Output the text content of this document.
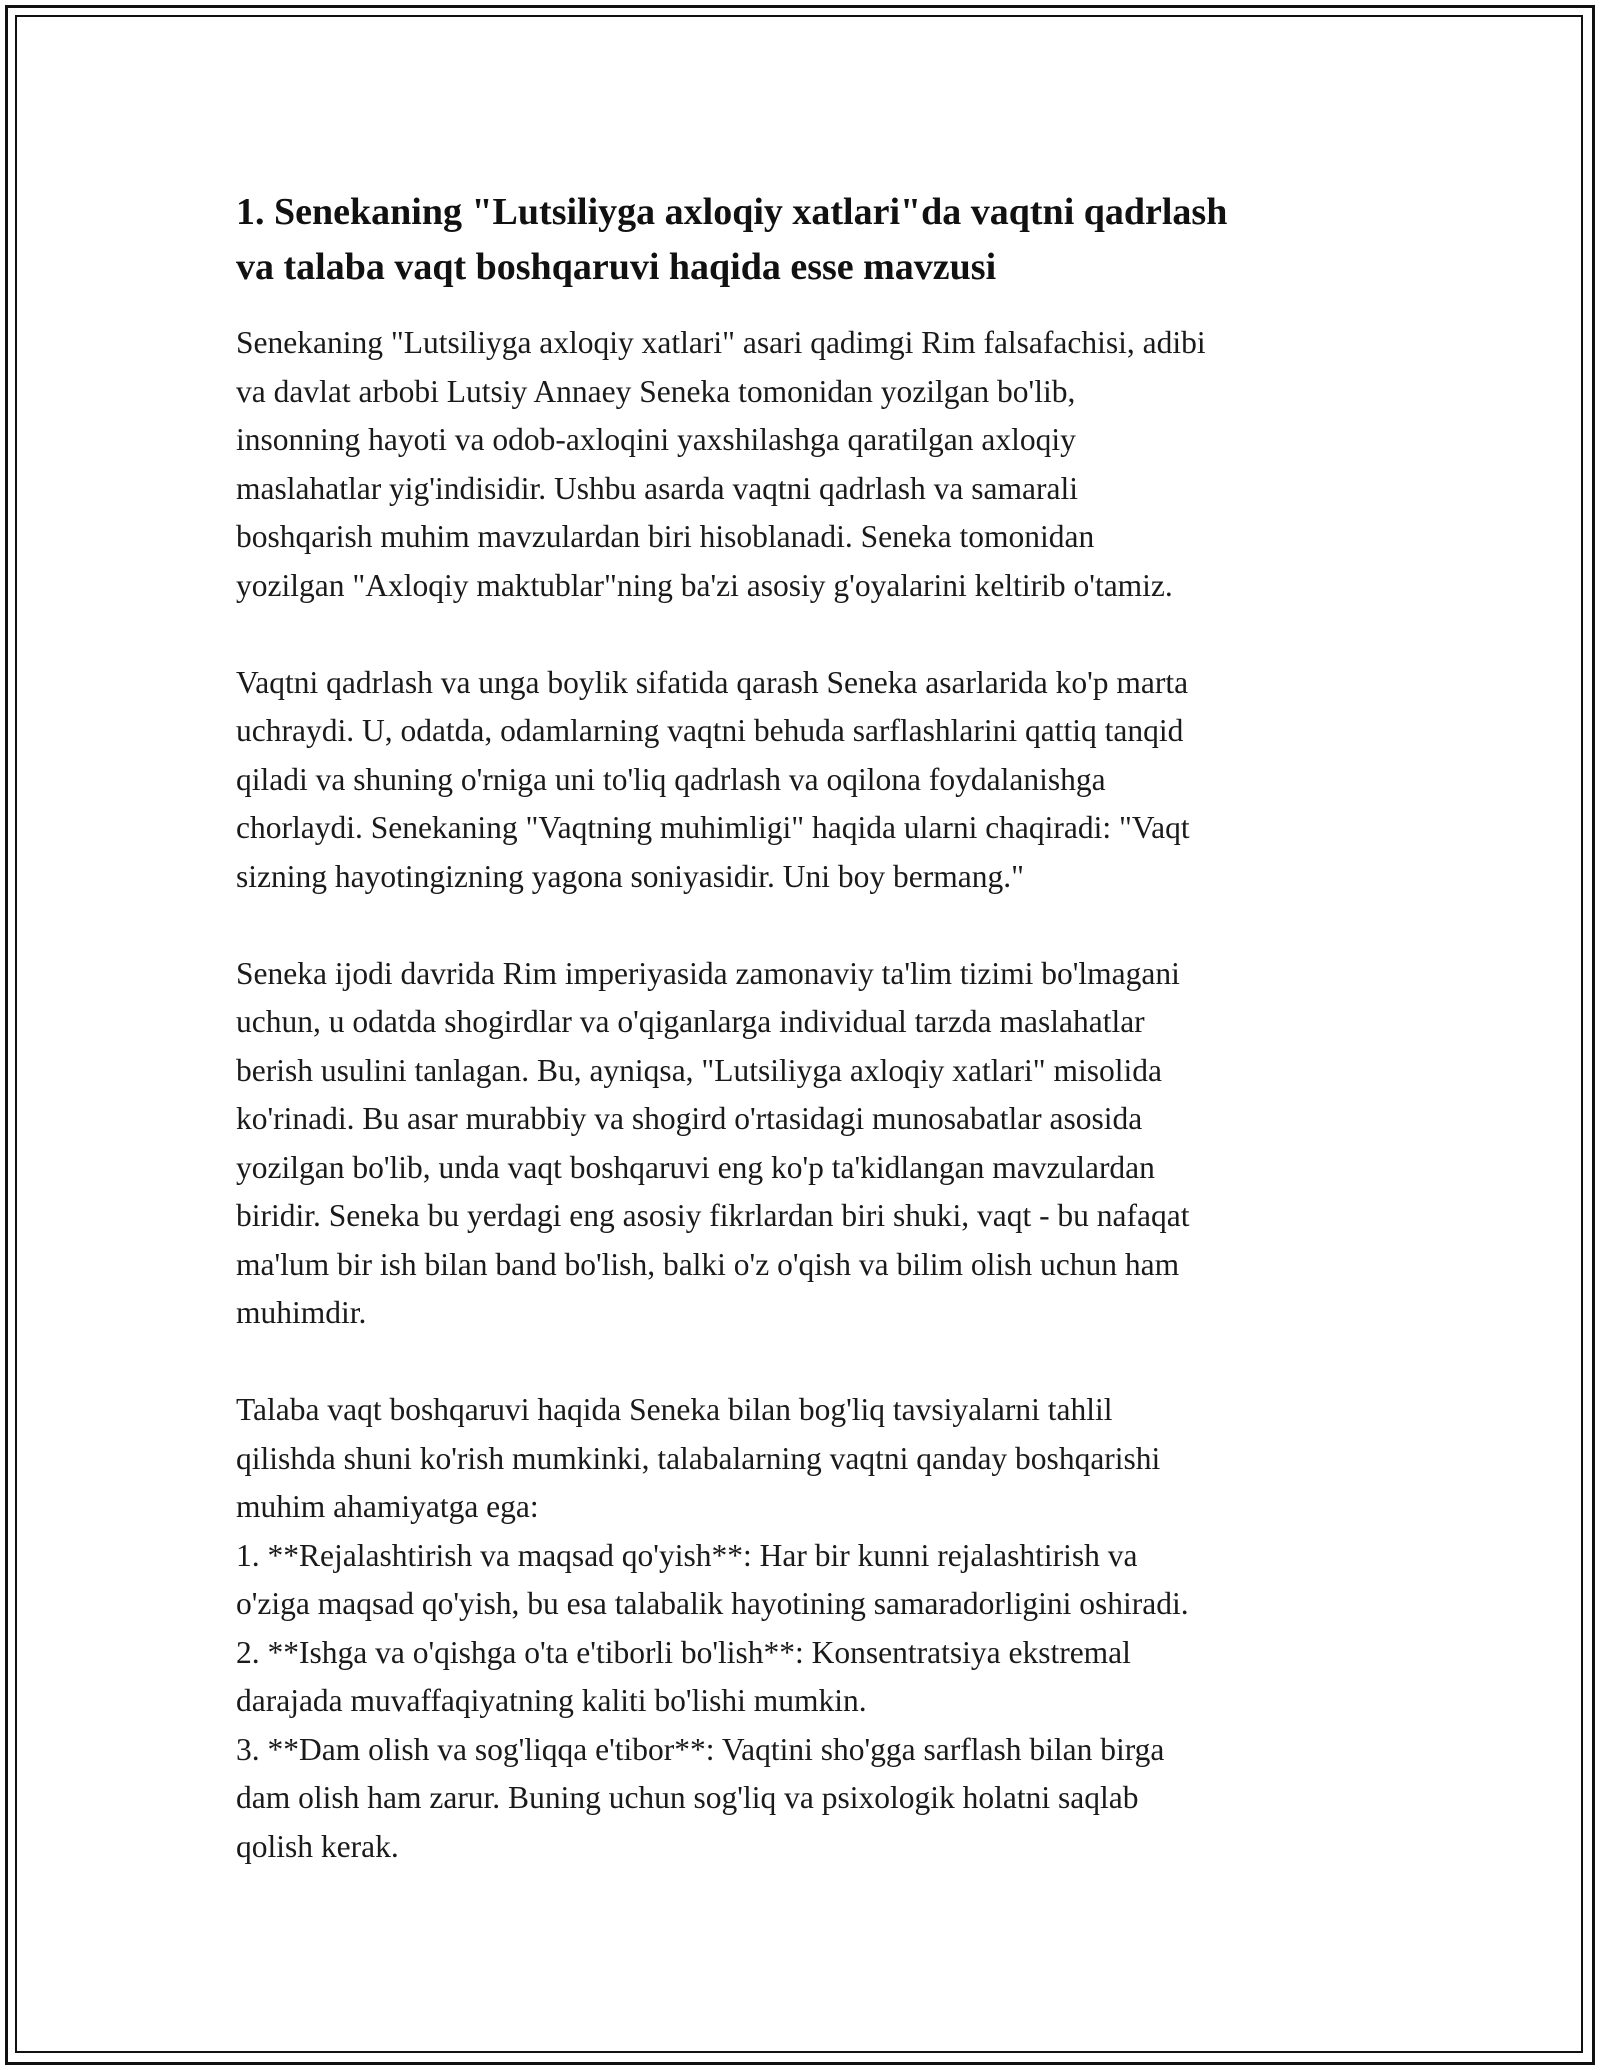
1. Senekaning "Lutsiliyga axloqiy xatlari"da vaqtni qadrlash
va talaba vaqt boshqaruvi haqida esse mavzusi

Senekaning "Lutsiliyga axloqiy xatlari" asari qadimgi Rim falsafachisi, adibi
va davlat arbobi Lutsiy Annaey Seneka tomonidan yozilgan bo'lib,
insonning hayoti va odob-axloqini yaxshilashga qaratilgan axloqiy
maslahatlar yig'indisidir. Ushbu asarda vaqtni qadrlash va samarali
boshqarish muhim mavzulardan biri hisoblanadi. Seneka tomonidan
yozilgan "Axloqiy maktublar"ning ba'zi asosiy g'oyalarini keltirib o'tamiz.

Vaqtni qadrlash va unga boylik sifatida qarash Seneka asarlarida ko'p marta
uchraydi. U, odatda, odamlarning vaqtni behuda sarflashlarini qattiq tanqid
qiladi va shuning o'rniga uni to'liq qadrlash va oqilona foydalanishga
chorlaydi. Senekaning "Vaqtning muhimligi" haqida ularni chaqiradi: "Vaqt
sizning hayotingizning yagona soniyasidir. Uni boy bermang."

Seneka ijodi davrida Rim imperiyasida zamonaviy ta'lim tizimi bo'lmagani
uchun, u odatda shogirdlar va o'qiganlarga individual tarzda maslahatlar
berish usulini tanlagan. Bu, ayniqsa, "Lutsiliyga axloqiy xatlari" misolida
ko'rinadi. Bu asar murabbiy va shogird o'rtasidagi munosabatlar asosida
yozilgan bo'lib, unda vaqt boshqaruvi eng ko'p ta'kidlangan mavzulardan
biridir. Seneka bu yerdagi eng asosiy fikrlardan biri shuki, vaqt - bu nafaqat
ma'lum bir ish bilan band bo'lish, balki o'z o'qish va bilim olish uchun ham
muhimdir.

Talaba vaqt boshqaruvi haqida Seneka bilan bog'liq tavsiyalarni tahlil
qilishda shuni ko'rish mumkinki, talabalarning vaqtni qanday boshqarishi
muhim ahamiyatga ega:
1. **Rejalashtirish va maqsad qo'yish**: Har bir kunni rejalashtirish va
o'ziga maqsad qo'yish, bu esa talabalik hayotining samaradorligini oshiradi.
2. **Ishga va o'qishga o'ta e'tiborli bo'lish**: Konsentratsiya ekstremal
darajada muvaffaqiyatning kaliti bo'lishi mumkin.
3. **Dam olish va sog'liqqa e'tibor**: Vaqtini sho'gga sarflash bilan birga
dam olish ham zarur. Buning uchun sog'liq va psixologik holatni saqlab
qolish kerak.
